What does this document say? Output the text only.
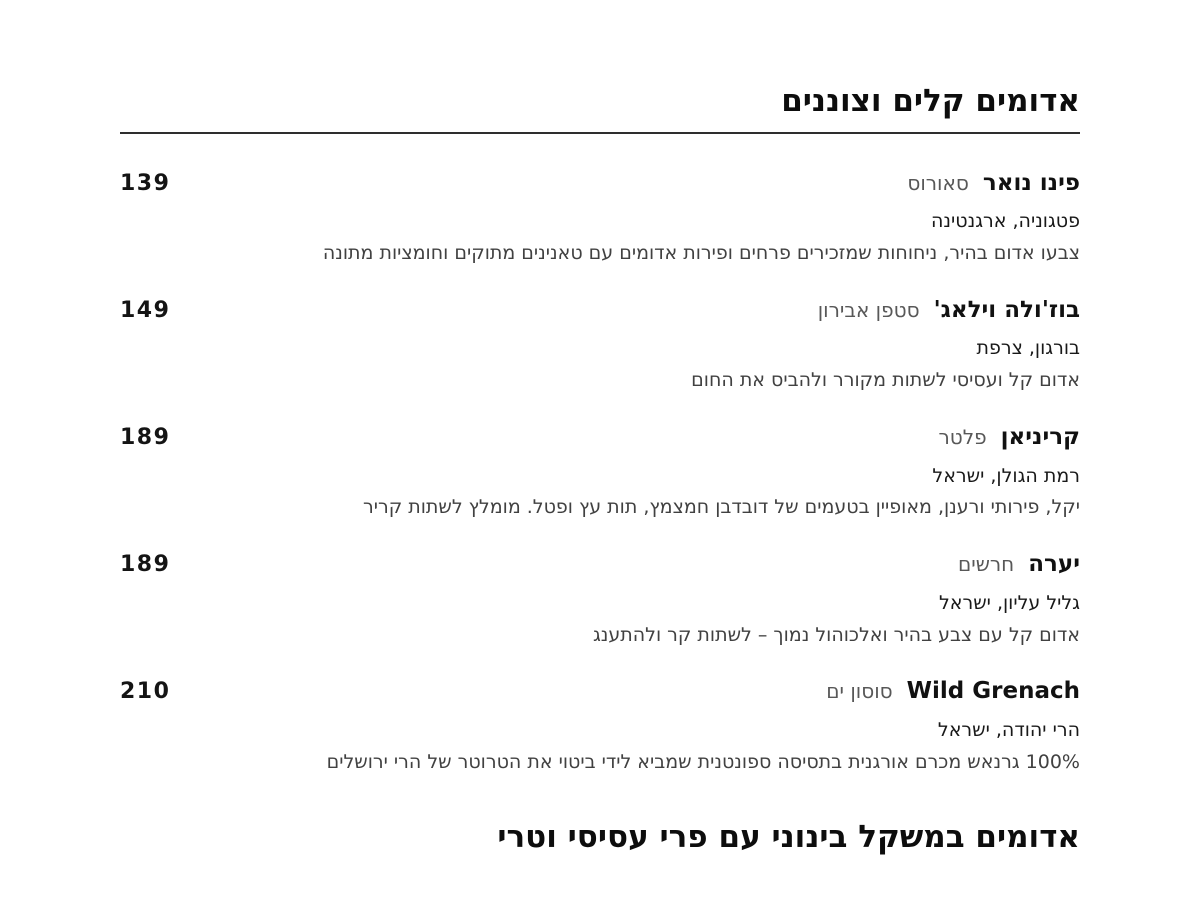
אדומים קלים וצוננים
פינו נואר
סאורוס
139
פטגוניה, ארגנטינה
צבעו אדום בהיר, ניחוחות שמזכירים פרחים ופירות אדומים עם טאנינים מתוקים וחומציות מתונה
בוז'ולה וילאג'
סטפן אבירון
149
בורגון, צרפת
אדום קל ועסיסי לשתות מקורר ולהביס את החום
קריניאן
פלטר
189
רמת הגולן, ישראל
יקל, פירותי ורענן, מאופיין בטעמים של דובדבן חמצמץ, תות עץ ופטל. מומלץ לשתות קריר
יערה
חרשים
189
גליל עליון, ישראל
אדום קל עם צבע בהיר ואלכוהול נמוך – לשתות קר ולהתענג
Wild Grenach
סוסון ים
210
הרי יהודה, ישראל
100% גרנאש מכרם אורגנית בתסיסה ספונטנית שמביא לידי ביטוי את הטרוטר של הרי ירושלים
אדומים במשקל בינוני עם פרי עסיסי וטרי
